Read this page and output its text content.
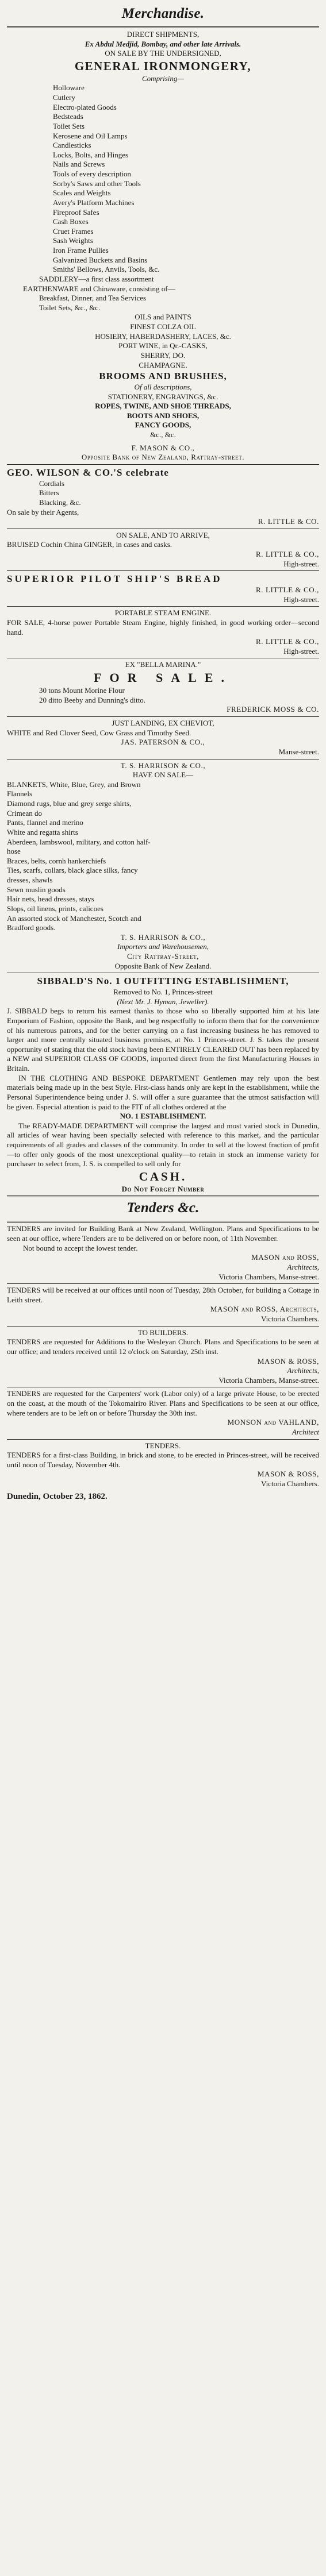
Merchandise.
DIRECT SHIPMENTS,
Ex Abdul Medjid, Bombay, and other late Arrivals.
ON SALE BY THE UNDERSIGNED,
GENERAL IRONMONGERY,
Comprising—
Holloware
Cutlery
Electro-plated Goods
Bedsteads
Toilet Sets
Kerosene and Oil Lamps
Candlesticks
Locks, Bolts, and Hinges
Nails and Screws
Tools of every description
Sorby's Saws and other Tools
Scales and Weights
Avery's Platform Machines
Fireproof Safes
Cash Boxes
Cruet Frames
Sash Weights
Iron Frame Pullies
Galvanized Buckets and Basins
Smiths' Bellows, Anvils, Tools, &c.
SADDLERY—a first class assortment
EARTHENWARE and Chinaware, consisting of—
Breakfast, Dinner, and Tea Services
Toilet Sets, &c., &c.
OILS and PAINTS
FINEST COLZA OIL
HOSIERY, HABERDASHERY, LACES, &c.
PORT WINE, in Qr.-CASKS,
SHERRY, DO.
CHAMPAGNE.
BROOMS AND BRUSHES,
Of all descriptions,
STATIONERY, ENGRAVINGS, &c.
ROPES, TWINE, AND SHOE THREADS,
BOOTS AND SHOES,
FANCY GOODS,
&c., &c.
F. MASON & CO.,
Opposite Bank of New Zealand, Rattray-street.
GEO. WILSON & CO.'S celebrate
Cordials
Bitters
Blacking, &c.
On sale by their Agents,
R. LITTLE & CO.
ON SALE, AND TO ARRIVE,
BRUISED Cochin China GINGER, in cases and casks.
R. LITTLE & CO.,
High-street.
SUPERIOR PILOT SHIP'S BREAD
R. LITTLE & CO.,
High-street.
PORTABLE STEAM ENGINE.
FOR SALE, 4-horse power Portable Steam Engine, highly finished, in good working order—second hand.
R. LITTLE & CO.,
High-street.
EX "BELLA MARINA."
FOR SALE.
30 tons Mount Morine Flour
20 ditto Beeby and Dunning's ditto.
FREDERICK MOSS & CO.
JUST LANDING, EX CHEVIOT,
WHITE and Red Clover Seed, Cow Grass and Timothy Seed.
JAS. PATERSON & CO.,
Manse-street.
T. S. HARRISON & CO.,
HAVE ON SALE—
BLANKETS, White, Blue, Grey, and Brown
Flannels
Diamond rugs, blue and grey serge shirts,
Crimean do
Pants, flannel and merino
White and regatta shirts
Aberdeen, lambswool, military, and cotton half-
hose
Braces, belts, cornh hankerchiefs
Ties, scarfs, collars, black glace silks, fancy
dresses, shawls
Sewn muslin goods
Hair nets, head dresses, stays
Slops, oil linens, prints, calicoes
An assorted stock of Manchester, Scotch and
Bradford goods.
T. S. HARRISON & CO.,
Importers and Warehousemen,
City Rattray-Street,
Opposite Bank of New Zealand.
SIBBALD'S No. 1 OUTFITTING ESTABLISHMENT,
Removed to No. 1, Princes-street
(Next Mr. J. Hyman, Jeweller).

J. SIBBALD begs to return his earnest thanks to those who so liberally supported him at his late Emporium of Fashion, opposite the Bank, and beg respectfully to inform them that for the convenience of his numerous patrons, and for the better carrying on a fast increasing business he has removed to larger and more centrally situated business premises, at No. 1 Princes-street. J. S. takes the present opportunity of stating that the old stock having been ENTIRELY CLEARED OUT has been replaced by a NEW and SUPERIOR CLASS OF GOODS, imported direct from the first Manufacturing Houses in Britain.

IN THE CLOTHING AND BESPOKE DEPARTMENT Gentlemen may rely upon the best materials being made up in the best Style. First-class hands only are kept in the establishment, while the Personal Superintendence being under J. S. will offer a sure guarantee that the utmost satisfaction will be given. Especial attention is paid to the FIT of all clothes ordered at the

NO. 1 ESTABLISHMENT.

The READY-MADE DEPARTMENT will comprise the largest and most varied stock in Dunedin, all articles of wear having been specially selected with reference to this market, and the particular requirements of all grades and classes of the community. In order to sell at the lowest fraction of profit—to offer only goods of the most unexceptional quality—to retain in stock an immense variety for purchaser to select from, J. S. is compelled to sell only for

CASH.
Do Not Forget Number
Tenders &c.

TENDERS are invited for Building Bank at New Zealand, Wellington. Plans and Specifications to be seen at our office, where Tenders are to be delivered on or before noon, of 11th November.

Not bound to accept the lowest tender.
MASON and ROSS,
Architects,
Victoria Chambers, Manse-street.

TENDERS will be received at our offices until noon of Tuesday, 28th October, for building a Cottage in Leith street.

MASON and ROSS, Architects,
Victoria Chambers.
TO BUILDERS.

TENDERS are requested for Additions to the Wesleyan Church. Plans and Specifications to be seen at our office; and tenders received until 12 o'clock on Saturday, 25th inst.

MASON & ROSS,
Architects,
Victoria Chambers, Manse-street.

TENDERS are requested for the Carpenters' work (Labor only) of a large private House, to be erected on the coast, at the mouth of the Tokomairiro River. Plans and Specifications to be seen at our office, where tenders are to be left on or before Thursday the 30th inst.

MONSON and VAHLAND,
Architect
TENDERS.

TENDERS for a first-class Building, in brick and stone, to be erected in Princes-street, will be received until noon of Tuesday, November 4th.

MASON & ROSS,
Victoria Chambers.
Dunedin, October 23, 1862.
